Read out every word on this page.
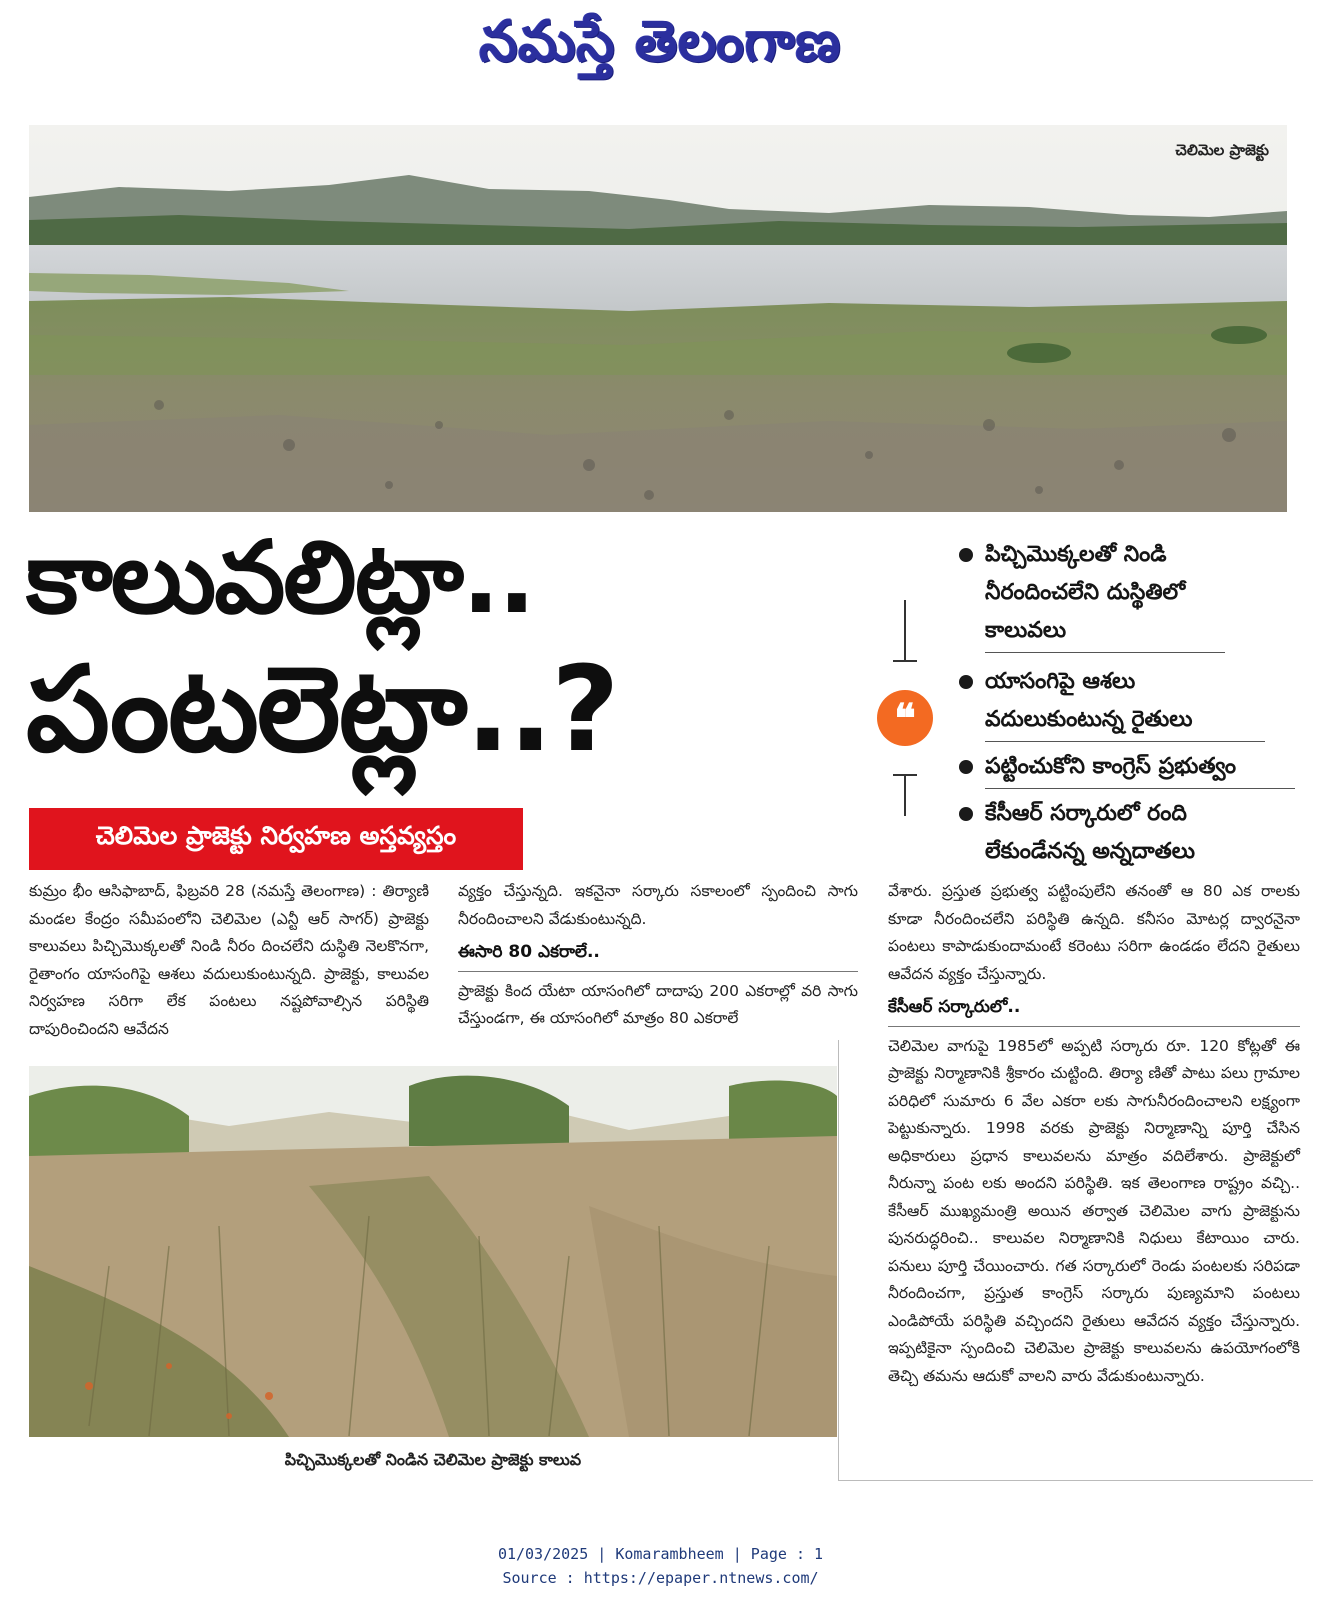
నమస్తే తెలంగాణ
చెలిమెల ప్రాజెక్టు
కాలువలిట్లా..
పంటలెట్లా..?
చెలిమెల ప్రాజెక్టు నిర్వహణ అస్తవ్యస్తం
❝
పిచ్చిమొక్కలతో నిండి నీరందించలేని దుస్థితిలో కాలువలు
యాసంగిపై ఆశలు వదులుకుంటున్న రైతులు
పట్టించుకోని కాంగ్రెస్ ప్రభుత్వం
కేసీఆర్ సర్కారులో రంది లేకుండేనన్న అన్నదాతలు

కుమ్రం భీం ఆసిఫాబాద్, ఫిబ్రవరి 28 (నమస్తే తెలంగాణ) : తిర్యాణి మండల కేంద్రం సమీపంలోని చెలిమెల (ఎన్టీ ఆర్ సాగర్) ప్రాజెక్టు కాలువలు పిచ్చిమొక్కలతో నిండి నీరం దించలేని దుస్థితి నెలకొనగా, రైతాంగం యాసంగిపై ఆశలు వదులుకుంటున్నది. ప్రాజెక్టు, కాలువల నిర్వహణ సరిగా లేక పంటలు నష్టపోవాల్సిన పరిస్థితి దాపురించిందని ఆవేదన

వ్యక్తం చేస్తున్నది. ఇకనైనా సర్కారు సకాలంలో స్పందించి సాగు నీరందించాలని వేడుకుంటున్నది.

ఈసారి 80 ఎకరాలే..

ప్రాజెక్టు కింద యేటా యాసంగిలో దాదాపు 200 ఎకరాల్లో వరి సాగు చేస్తుండగా, ఈ యాసంగిలో మాత్రం 80 ఎకరాలే

వేశారు. ప్రస్తుత ప్రభుత్వ పట్టింపులేని తనంతో ఆ 80 ఎక రాలకు కూడా నీరందించలేని పరిస్థితి ఉన్నది. కనీసం మోటర్ల ద్వారనైనా పంటలు కాపాడుకుందామంటే కరెంటు సరిగా ఉండడం లేదని రైతులు ఆవేదన వ్యక్తం చేస్తున్నారు.

కేసీఆర్ సర్కారులో..

చెలిమెల వాగుపై 1985లో అప్పటి సర్కారు రూ. 120 కోట్లతో ఈ ప్రాజెక్టు నిర్మాణానికి శ్రీకారం చుట్టింది. తిర్యా ణితో పాటు పలు గ్రామాల పరిధిలో సుమారు 6 వేల ఎకరా లకు సాగునీరందించాలని లక్ష్యంగా పెట్టుకున్నారు. 1998 వరకు ప్రాజెక్టు నిర్మాణాన్ని పూర్తి చేసిన అధికారులు ప్రధాన కాలువలను మాత్రం వదిలేశారు. ప్రాజెక్టులో నీరున్నా పంట లకు అందని పరిస్థితి. ఇక తెలంగాణ రాష్ట్రం వచ్చి.. కేసీఆర్ ముఖ్యమంత్రి అయిన తర్వాత చెలిమెల వాగు ప్రాజెక్టును పునరుద్ధరించి.. కాలువల నిర్మాణానికి నిధులు కేటాయిం చారు. పనులు పూర్తి చేయించారు. గత సర్కారులో రెండు పంటలకు సరిపడా నీరందించగా, ప్రస్తుత కాంగ్రెస్ సర్కారు పుణ్యమాని పంటలు ఎండిపోయే పరిస్థితి వచ్చిందని రైతులు ఆవేదన వ్యక్తం చేస్తున్నారు. ఇప్పటికైనా స్పందించి చెలిమెల ప్రాజెక్టు కాలువలను ఉపయోగంలోకి తెచ్చి తమను ఆదుకో వాలని వారు వేడుకుంటున్నారు.

పిచ్చిమొక్కలతో నిండిన చెలిమెల ప్రాజెక్టు కాలువ
01/03/2025 | Komarambheem | Page : 1
Source : https://epaper.ntnews.com/
